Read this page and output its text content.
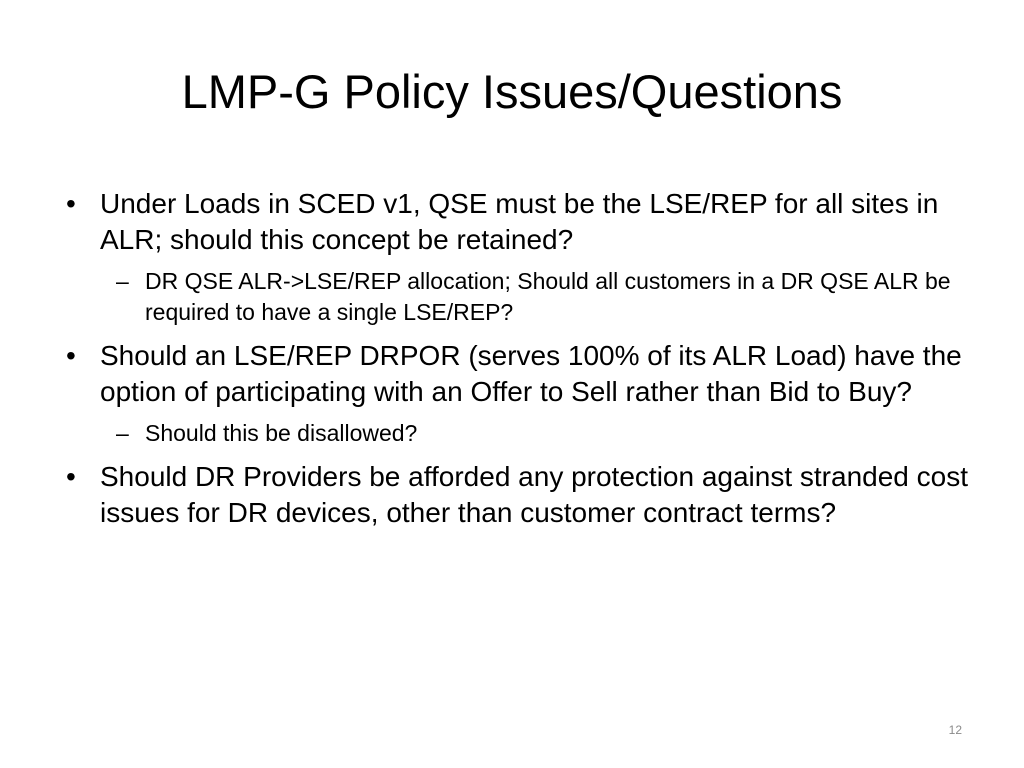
LMP-G Policy Issues/Questions
• Under Loads in SCED v1, QSE must be the LSE/REP for all sites in ALR; should this concept be retained?
– DR QSE ALR->LSE/REP allocation; Should all customers in a DR QSE ALR be required to have a single LSE/REP?
• Should an LSE/REP DRPOR (serves 100% of its ALR Load) have the option of participating with an Offer to Sell rather than Bid to Buy?
– Should this be disallowed?
• Should DR Providers be afforded any protection against stranded cost issues for DR devices, other than customer contract terms?
12
